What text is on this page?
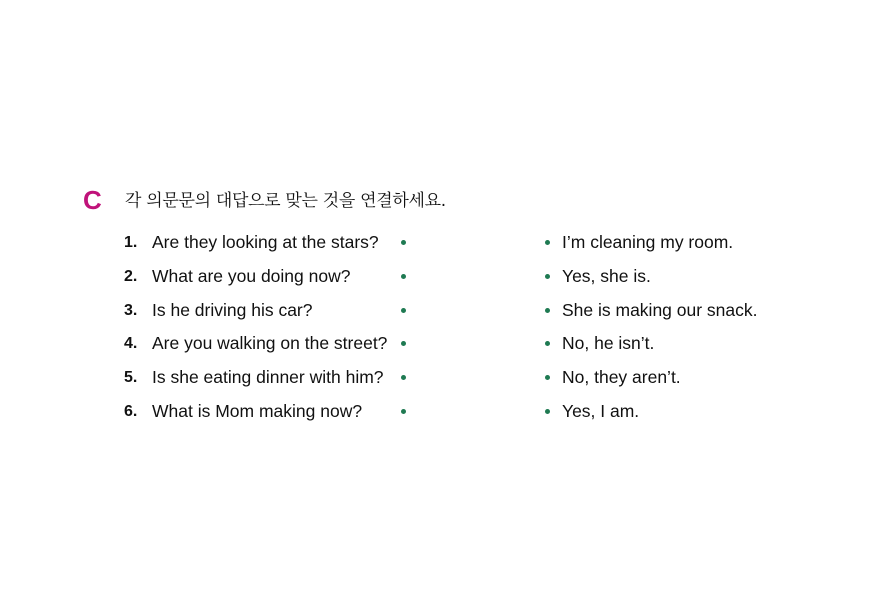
C 각 의문문의 대답으로 맞는 것을 연결하세요.
1. Are they looking at the stars?	I’m cleaning my room.
2. What are you doing now?	Yes, she is.
3. Is he driving his car?	She is making our snack.
4. Are you walking on the street?	No, he isn’t.
5. Is she eating dinner with him?	No, they aren’t.
6. What is Mom making now?	Yes, I am.
